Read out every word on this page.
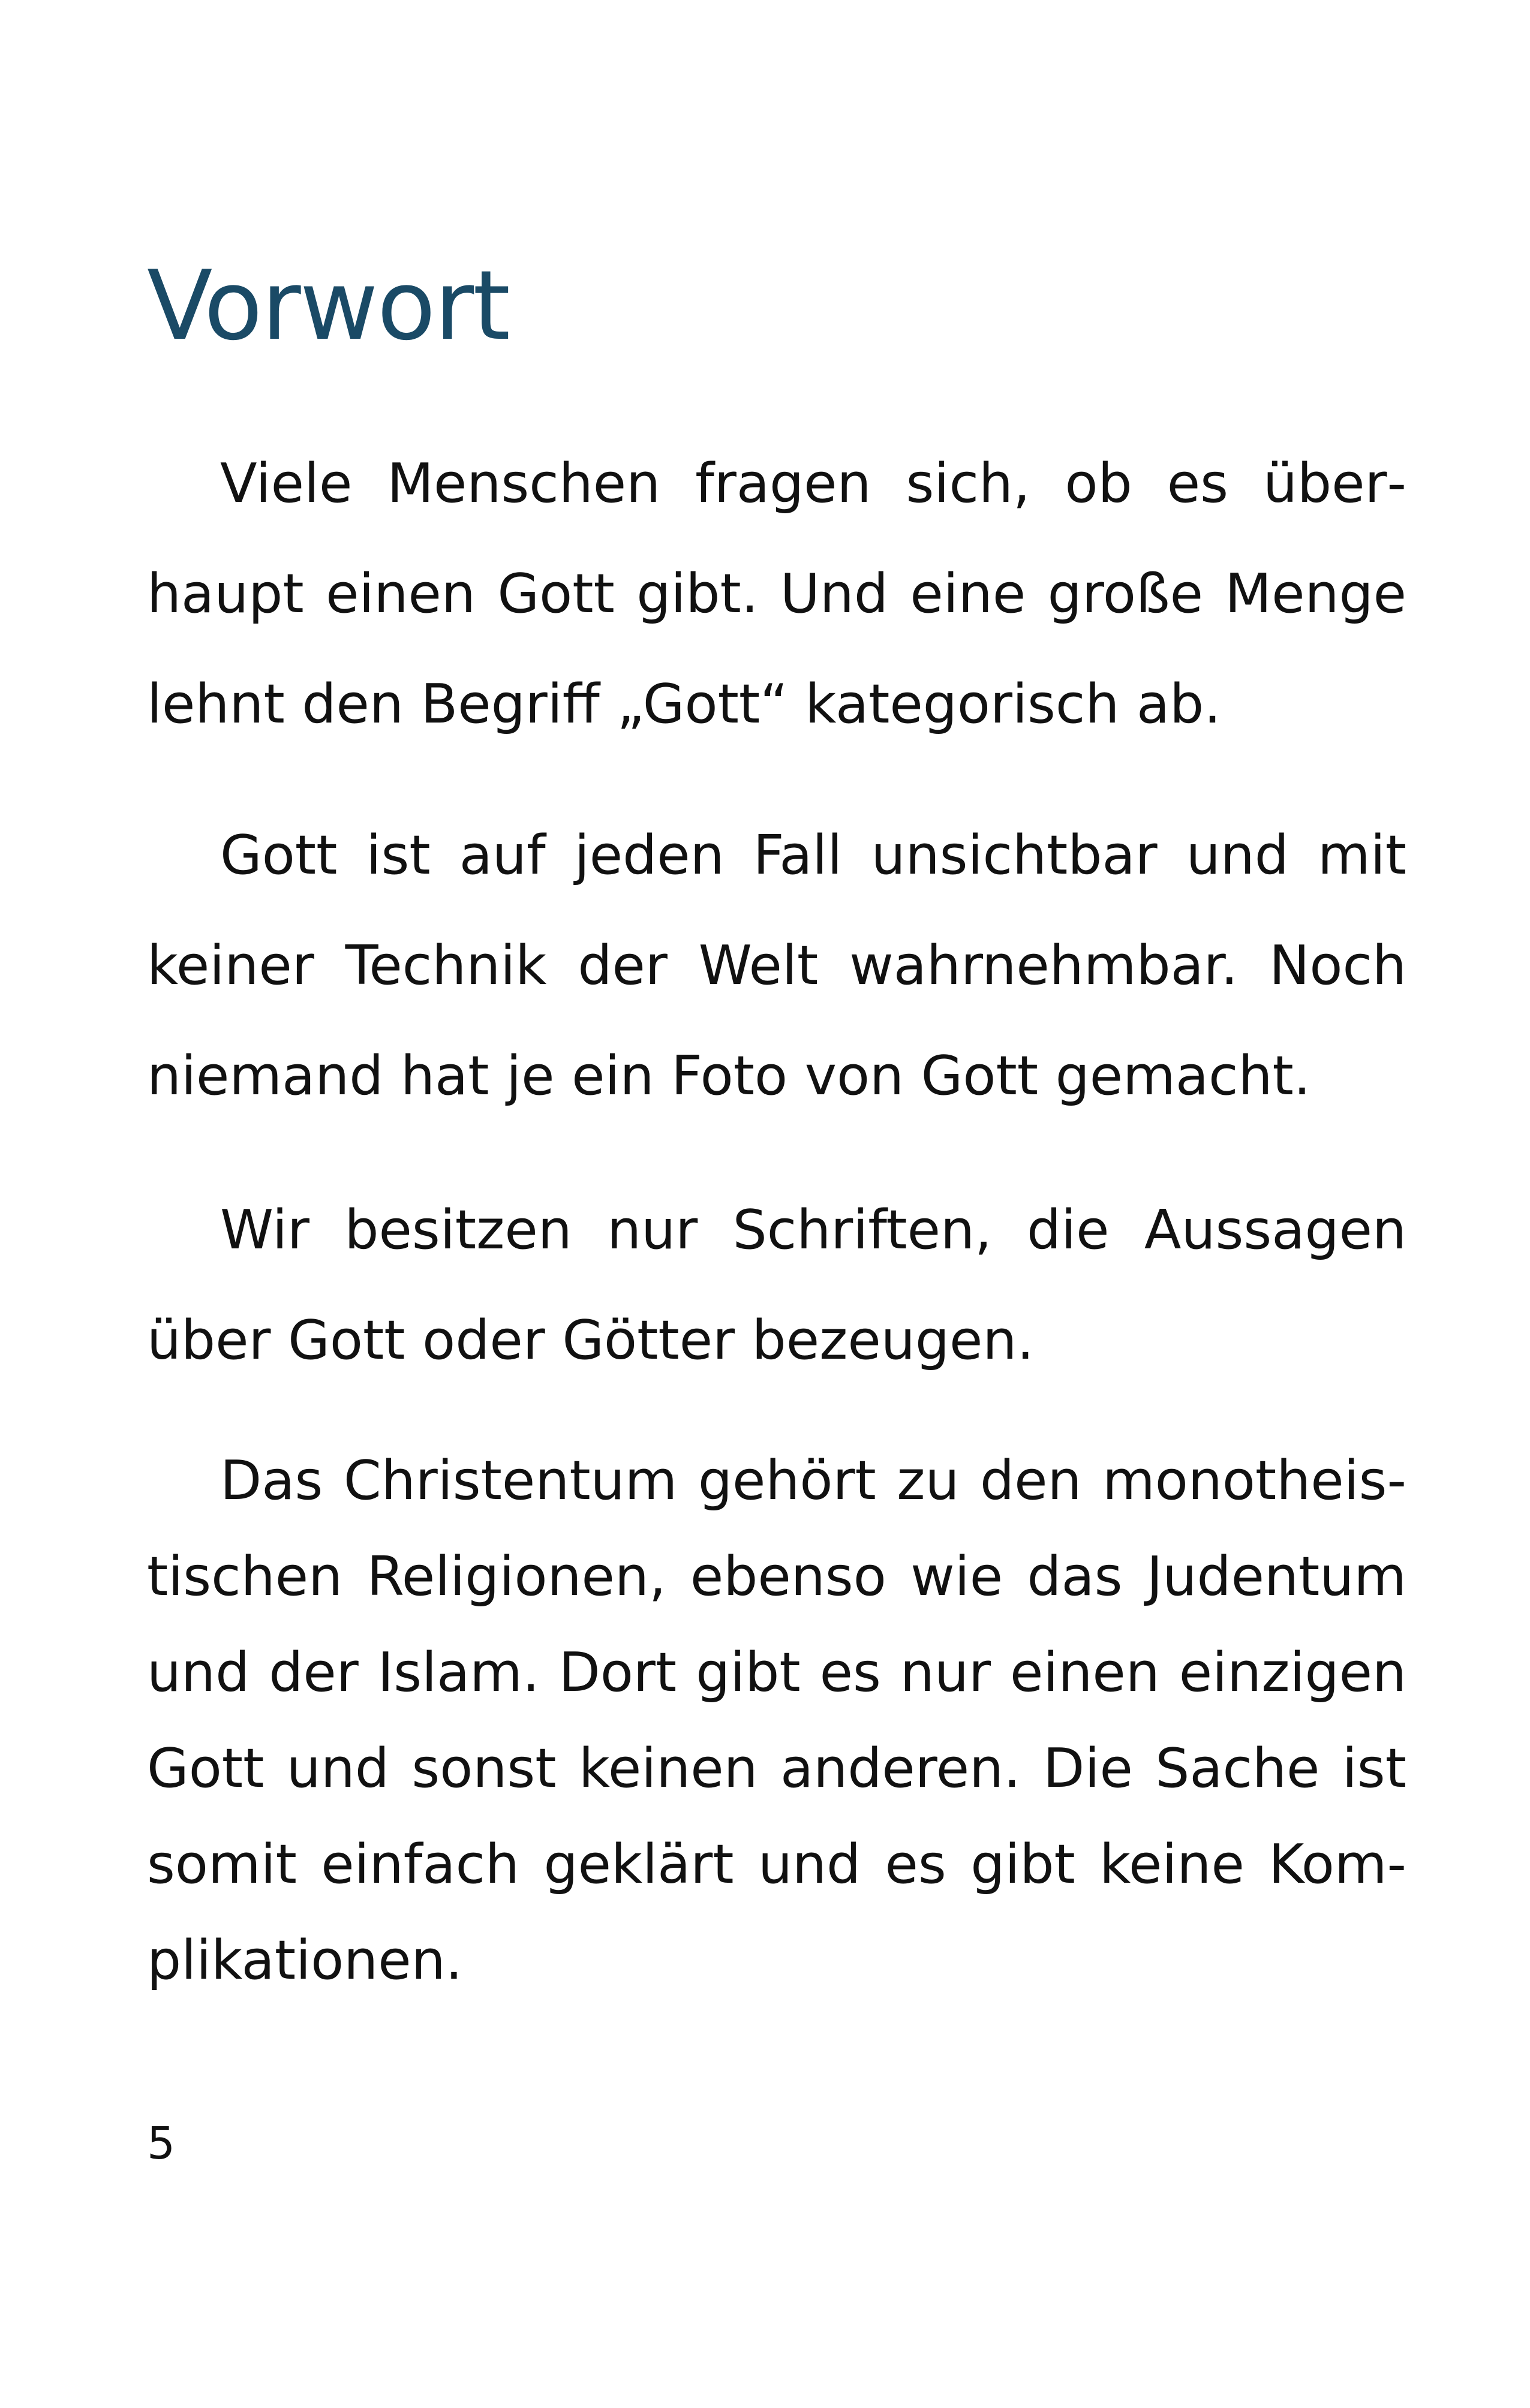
Vorwort

Viele Menschen fragen sich, ob es überhaupt einen Gott gibt. Und eine große Menge lehnt den Begriff „Gott“ kategorisch ab.

Gott ist auf jeden Fall unsichtbar und mit keiner Technik der Welt wahrnehmbar. Noch niemand hat je ein Foto von Gott gemacht.

Wir besitzen nur Schriften, die Aussagen über Gott oder Götter bezeugen.

Das Christentum gehört zu den monotheistischen Religionen, ebenso wie das Judentum und der Islam. Dort gibt es nur einen einzigen Gott und sonst keinen anderen. Die Sache ist somit einfach geklärt und es gibt keine Komplikationen.

5
